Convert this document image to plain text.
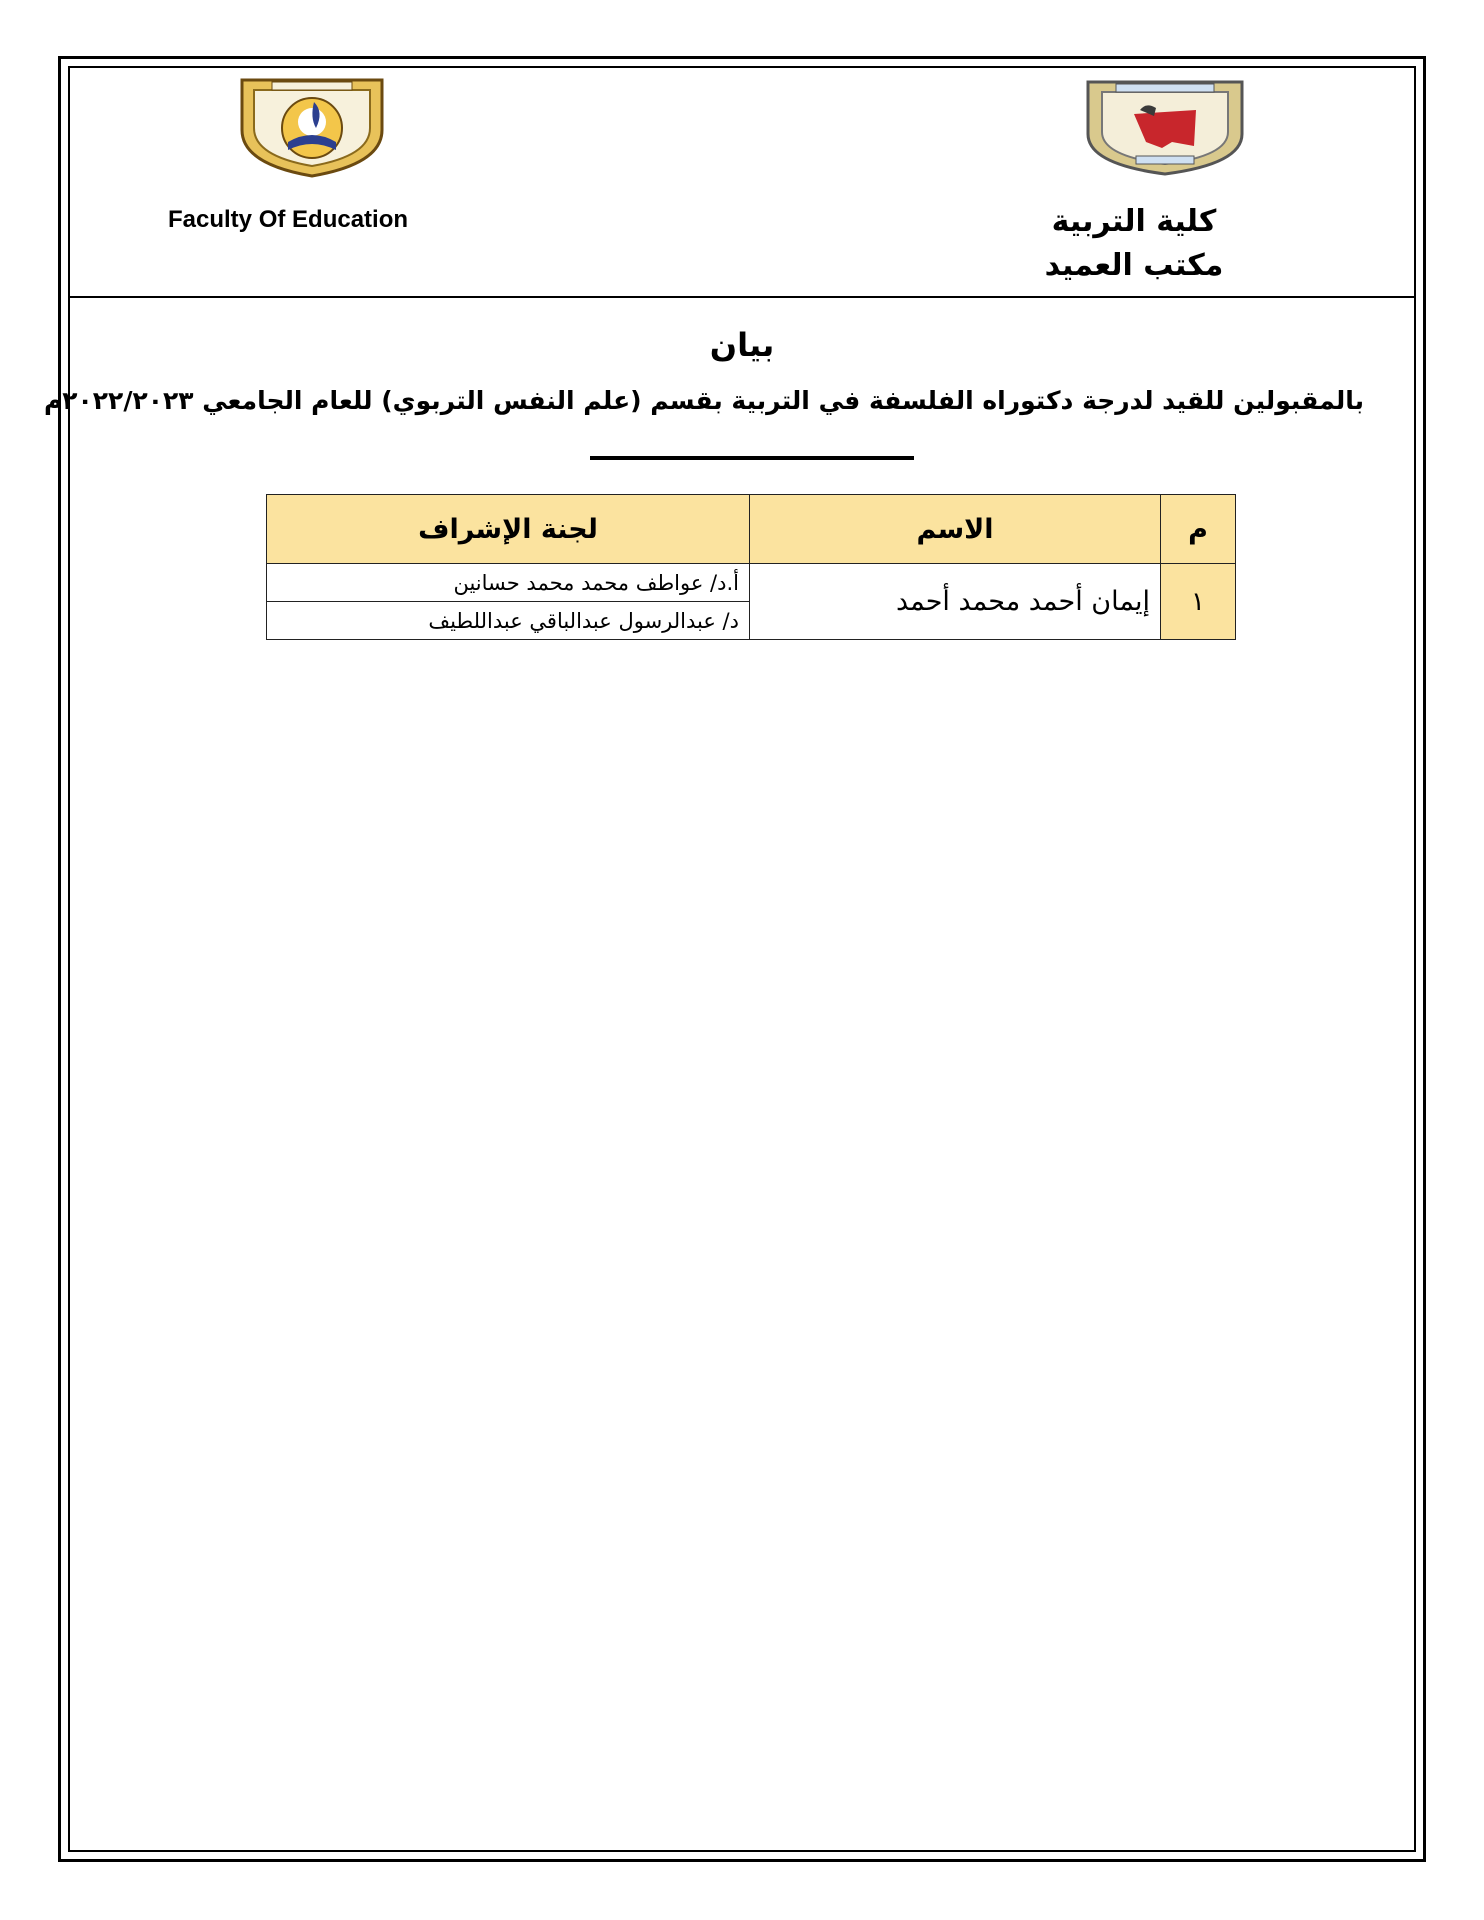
Faculty Of Education	كلية التربية
مكتب العميد
بيان
بالمقبولين للقيد لدرجة دكتوراه الفلسفة في التربية بقسم (علم النفس التربوي) للعام الجامعي ٢٠٢٢/٢٠٢٣م
م	الاسم	لجنة الإشراف
١	إيمان أحمد محمد أحمد	أ.د/ عواطف محمد محمد حسانين
		د/ عبدالرسول عبدالباقي عبداللطيف
